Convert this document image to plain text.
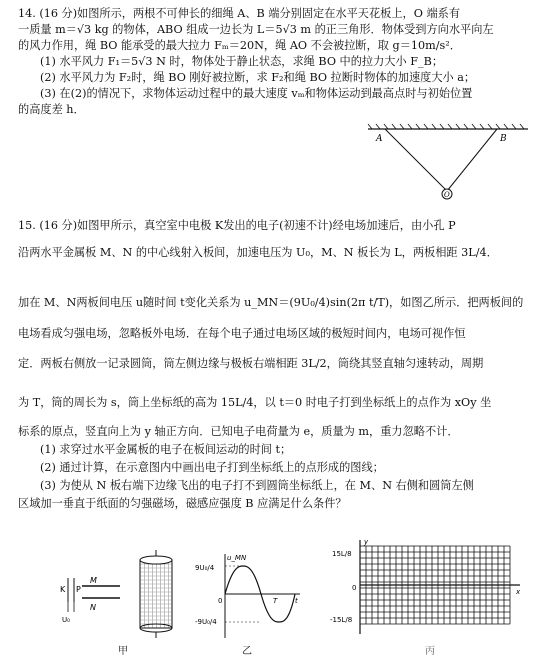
14. (16 分)如图所示，两根不可伸长的细绳 A、B 端分别固定在水平天花板上，O 端系有
一质量 m＝√3 kg 的物体，ABO 组成一边长为 L＝5√3 m 的正三角形．物体受到方向水平向左
的风力作用，绳 BO 能承受的最大拉力 Fₘ＝20N，绳 AO 不会被拉断，取 g＝10m/s²．
(1) 水平风力 F₁＝5√3 N 时，物体处于静止状态，求绳 BO 中的拉力大小 F_B；
(2) 水平风力为 F₂时，绳 BO 刚好被拉断，求 F₂和绳 BO 拉断时物体的加速度大小 a；
(3) 在(2)的情况下，求物体运动过程中的最大速度 vₘ和物体运动到最高点时与初始位置
的高度差 h．
A	B
O
15. (16 分)如图甲所示，真空室中电极 K发出的电子(初速不计)经电场加速后，由小孔 P
沿两水平金属板 M、N 的中心线射入板间，加速电压为 U₀，M、N 板长为 L，两板相距 3L/4．
加在 M、N两板间电压 u随时间 t变化关系为 u_MN＝(9U₀/4)sin(2π t/T)，如图乙所示．把两板间的
电场看成匀强电场，忽略板外电场．在每个电子通过电场区域的极短时间内，电场可视作恒
定．两板右侧放一记录圆筒，筒左侧边缘与极板右端相距 3L/2，筒绕其竖直轴匀速转动，周期
为 T，筒的周长为 s，筒上坐标纸的高为 15L/4，以 t＝0 时电子打到坐标纸上的点作为 xOy 坐
标系的原点，竖直向上为 y 轴正方向．已知电子电荷量为 e，质量为 m，重力忽略不计．
(1) 求穿过水平金属板的电子在板间运动的时间 t；
(2) 通过计算，在示意图内中画出电子打到坐标纸上的点形成的图线；
(3) 为使从 N 板右端下边缘飞出的电子打不到圆筒坐标纸上，在 M、N 右侧和圆筒左侧
区域加一垂直于纸面的匀强磁场，磁感应强度 B 应满足什么条件？
K P
M
N
U₀
u_MN
9U₀/4
-9U₀/4
0	t
T
y
x
15L/8
-15L/8
0
甲	乙	丙
